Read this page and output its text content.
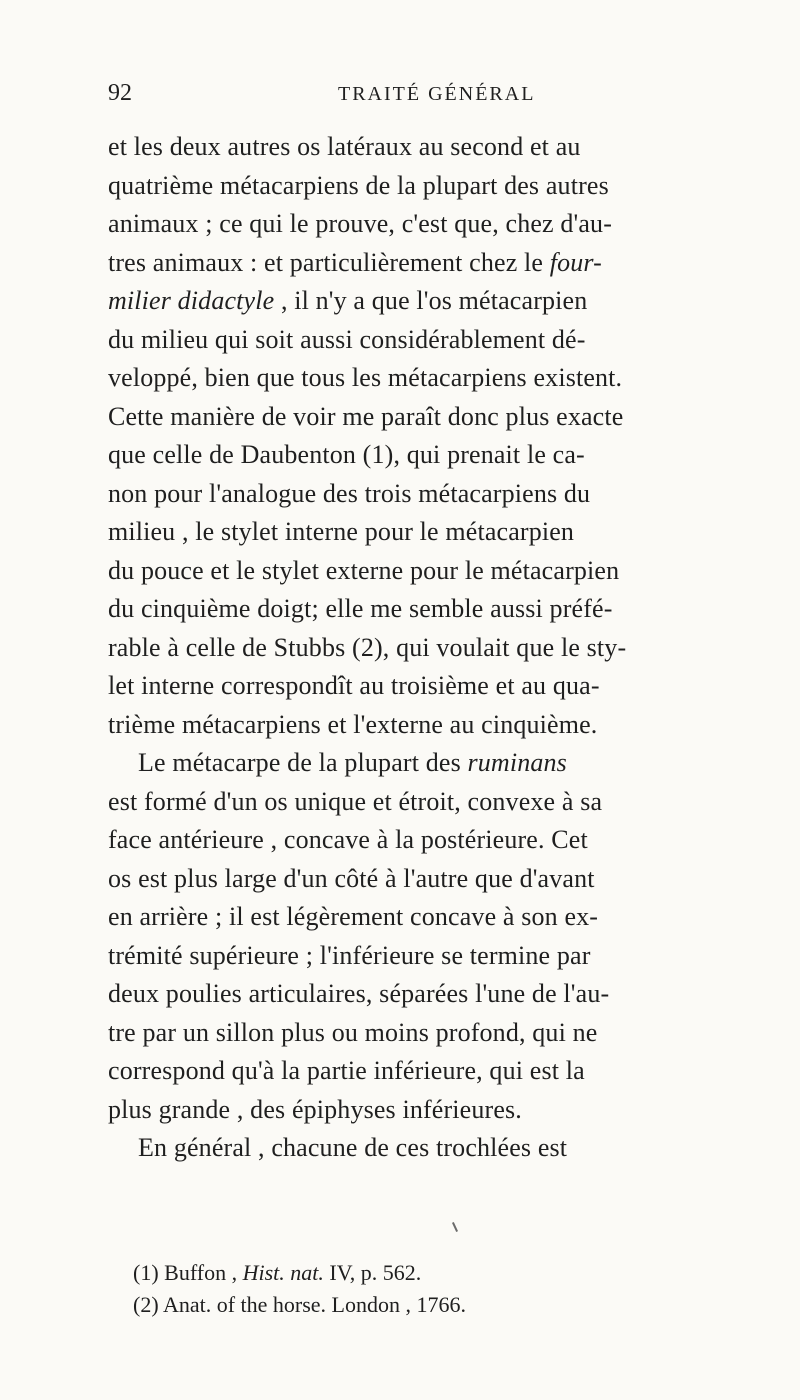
92	TRAITÉ GÉNÉRAL
et les deux autres os latéraux au second et au
quatrième métacarpiens de la plupart des autres
animaux ; ce qui le prouve, c'est que, chez d'au-
tres animaux : et particulièrement chez le four-
milier didactyle , il n'y a que l'os métacarpien
du milieu qui soit aussi considérablement dé-
veloppé, bien que tous les métacarpiens existent.
Cette manière de voir me paraît donc plus exacte
que celle de Daubenton (1), qui prenait le ca-
non pour l'analogue des trois métacarpiens du
milieu , le stylet interne pour le métacarpien
du pouce et le stylet externe pour le métacarpien
du cinquième doigt; elle me semble aussi préfé-
rable à celle de Stubbs (2), qui voulait que le sty-
let interne correspondît au troisième et au qua-
trième métacarpiens et l'externe au cinquième.
Le métacarpe de la plupart des ruminans
est formé d'un os unique et étroit, convexe à sa
face antérieure , concave à la postérieure. Cet
os est plus large d'un côté à l'autre que d'avant
en arrière ; il est légèrement concave à son ex-
trémité supérieure ; l'inférieure se termine par
deux poulies articulaires, séparées l'une de l'au-
tre par un sillon plus ou moins profond, qui ne
correspond qu'à la partie inférieure, qui est la
plus grande , des épiphyses inférieures.
En général , chacune de ces trochlées est
(1) Buffon , Hist. nat. IV, p. 562.
(2) Anat. of the horse. London , 1766.
